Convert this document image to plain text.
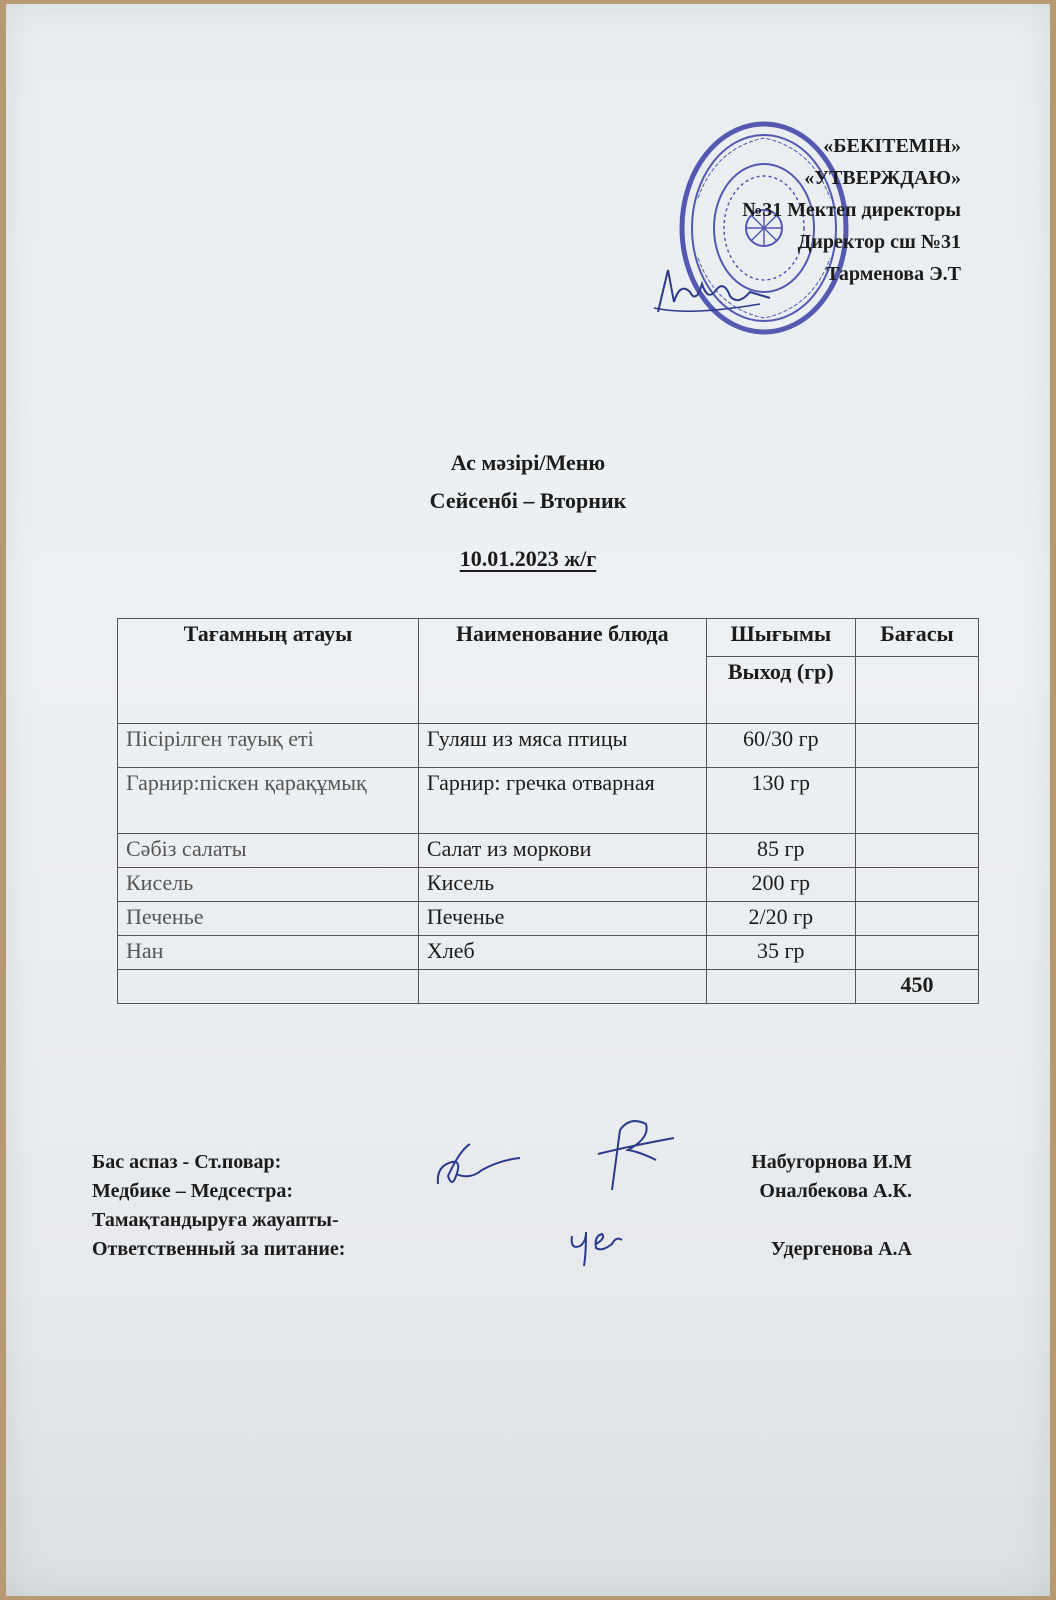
«БЕКІТЕМІН»
«УТВЕРЖДАЮ»
№31 Мектеп директоры
Директор сш №31
Тарменова Э.Т
Ас мәзірі/Меню
Сейсенбі – Вторник
10.01.2023 ж/г
Тағамның атауы	Наименование блюда	Шығымы	Бағасы
		Выход (гр)	
Пісірілген тауық еті	Гуляш из мяса птицы	60/30 гр	
Гарнир:піскен қарақұмық	Гарнир: гречка отварная	130 гр	
Сәбіз салаты	Салат из моркови	85 гр	
Кисель	Кисель	200 гр	
Печенье	Печенье	2/20 гр	
Нан	Хлеб	35 гр	
			450
Бас аспаз - Ст.повар:	Набугорнова И.М
Медбике – Медсестра:	Оналбекова А.К.
Тамақтандыруға жауапты-
Ответственный за питание:	Удергенова А.А
